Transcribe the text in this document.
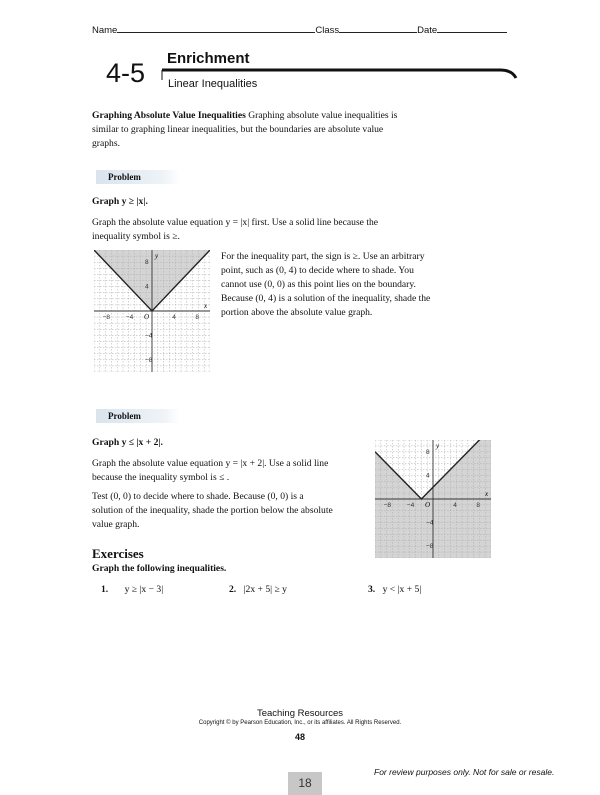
Name	Class	Date
4-5 Enrichment
Linear Inequalities
Graphing Absolute Value Inequalities Graphing absolute value inequalities is
similar to graphing linear inequalities, but the boundaries are absolute value
graphs.
Problem
Graph y ≥ |x|.
Graph the absolute value equation y = |x| first. Use a solid line because the
inequality symbol is ≥.
y
x
O
−8 −4	4	8
8
4
−4
−8
For the inequality part, the sign is ≥. Use an arbitrary
point, such as (0, 4) to decide where to shade. You
cannot use (0, 0) as this point lies on the boundary.
Because (0, 4) is a solution of the inequality, shade the
portion above the absolute value graph.
Problem
Graph y ≤ |x + 2|.
Graph the absolute value equation y = |x + 2|. Use a solid line
because the inequality symbol is ≤ .
Test (0, 0) to decide where to shade. Because (0, 0) is a
solution of the inequality, shade the portion below the absolute
value graph.
y
x
O
−8 −4	4	8
8
4
−4
−8
Exercises
Graph the following inequalities.
1. y ≥ |x − 3|	2. |2x + 5| ≥ y	3. y < |x + 5|
Teaching Resources
Copyright © by Pearson Education, Inc., or its affiliates. All Rights Reserved.
48
18
For review purposes only. Not for sale or resale.
